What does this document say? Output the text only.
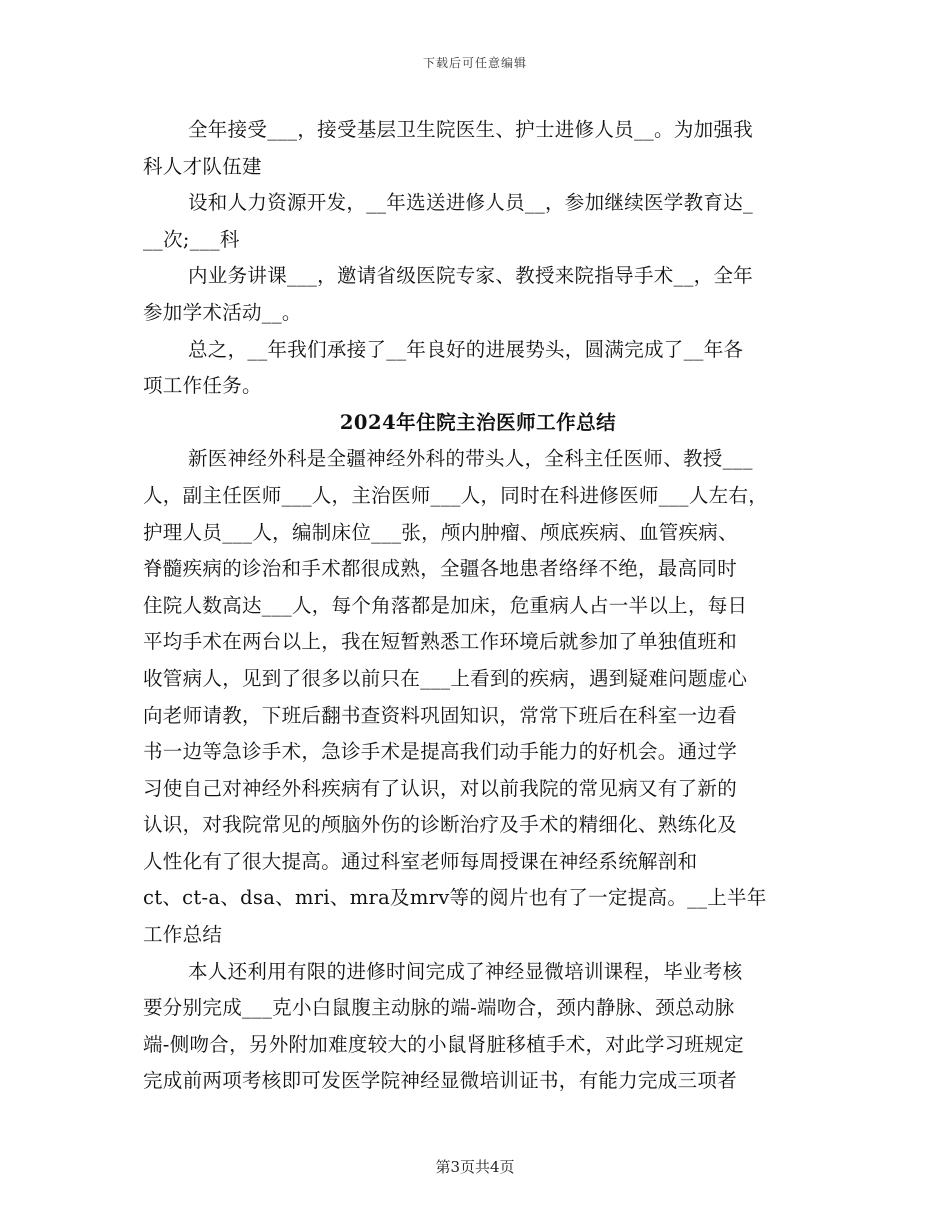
下载后可任意编辑
全年接受___，接受基层卫生院医生、护士进修人员__。为加强我
科人才队伍建
设和人力资源开发，__年选送进修人员__，参加继续医学教育达_
__次;___科
内业务讲课___，邀请省级医院专家、教授来院指导手术__，全年
参加学术活动__。
总之，__年我们承接了__年良好的进展势头，圆满完成了__年各
项工作任务。
2024年住院主治医师工作总结
新医神经外科是全疆神经外科的带头人，全科主任医师、教授___
人，副主任医师___人，主治医师___人，同时在科进修医师___人左右，
护理人员___人，编制床位___张，颅内肿瘤、颅底疾病、血管疾病、
脊髓疾病的诊治和手术都很成熟，全疆各地患者络绎不绝，最高同时
住院人数高达___人，每个角落都是加床，危重病人占一半以上，每日
平均手术在两台以上，我在短暂熟悉工作环境后就参加了单独值班和
收管病人，见到了很多以前只在___上看到的疾病，遇到疑难问题虚心
向老师请教，下班后翻书查资料巩固知识，常常下班后在科室一边看
书一边等急诊手术，急诊手术是提高我们动手能力的好机会。通过学
习使自己对神经外科疾病有了认识，对以前我院的常见病又有了新的
认识，对我院常见的颅脑外伤的诊断治疗及手术的精细化、熟练化及
人性化有了很大提高。通过科室老师每周授课在神经系统解剖和
ct、ct-a、dsa、mri、mra及mrv等的阅片也有了一定提高。__上半年
工作总结
本人还利用有限的进修时间完成了神经显微培训课程，毕业考核
要分别完成___克小白鼠腹主动脉的端-端吻合，颈内静脉、颈总动脉
端-侧吻合，另外附加难度较大的小鼠肾脏移植手术，对此学习班规定
完成前两项考核即可发医学院神经显微培训证书，有能力完成三项者
第3页共4页
